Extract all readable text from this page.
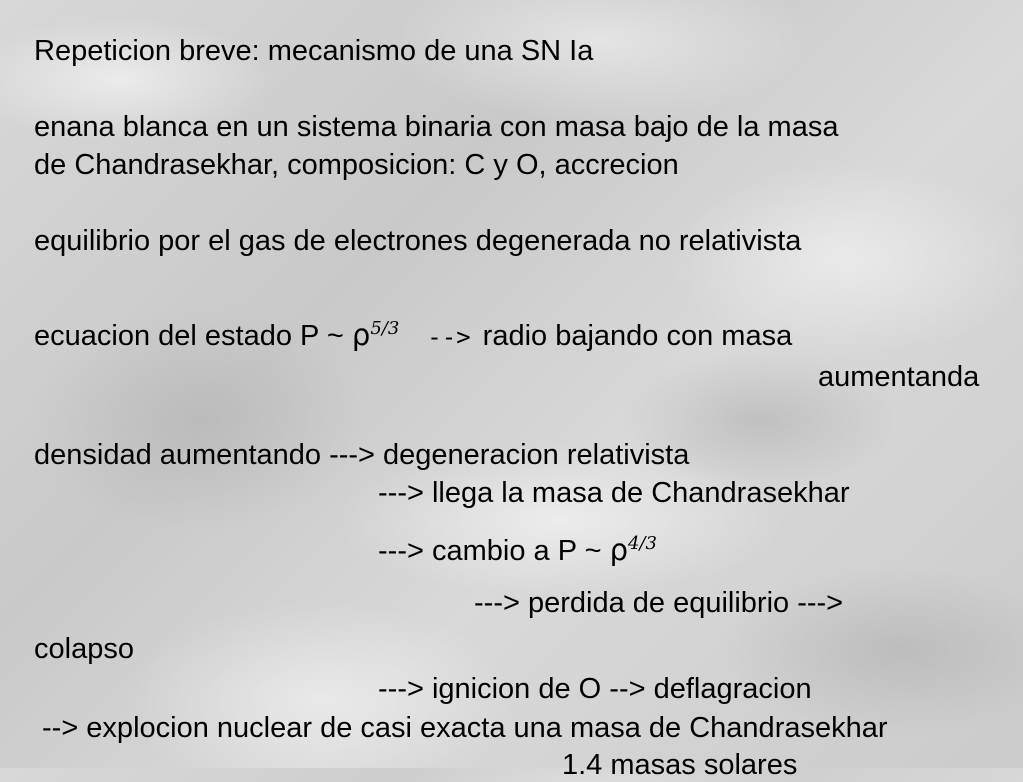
Repeticion breve: mecanismo de una SN Ia

enana blanca en un sistema binaria con masa bajo de la masa

de Chandrasekhar, composicion: C y O, accrecion

equilibrio por el gas de electrones degenerada no relativista

ecuacion del estado P ~ $\rho^{5/3}$ --> radio bajando con masa

aumentanda

densidad aumentando ---> degeneracion relativista

---> llega la masa de Chandrasekhar

---> cambio a P ~ $\rho^{4/3}$

---> perdida de equilibrio --->

colapso

---> ignicion de O --> deflagracion

--> explocion nuclear de casi exacta una masa de Chandrasekhar

1.4 masas solares
